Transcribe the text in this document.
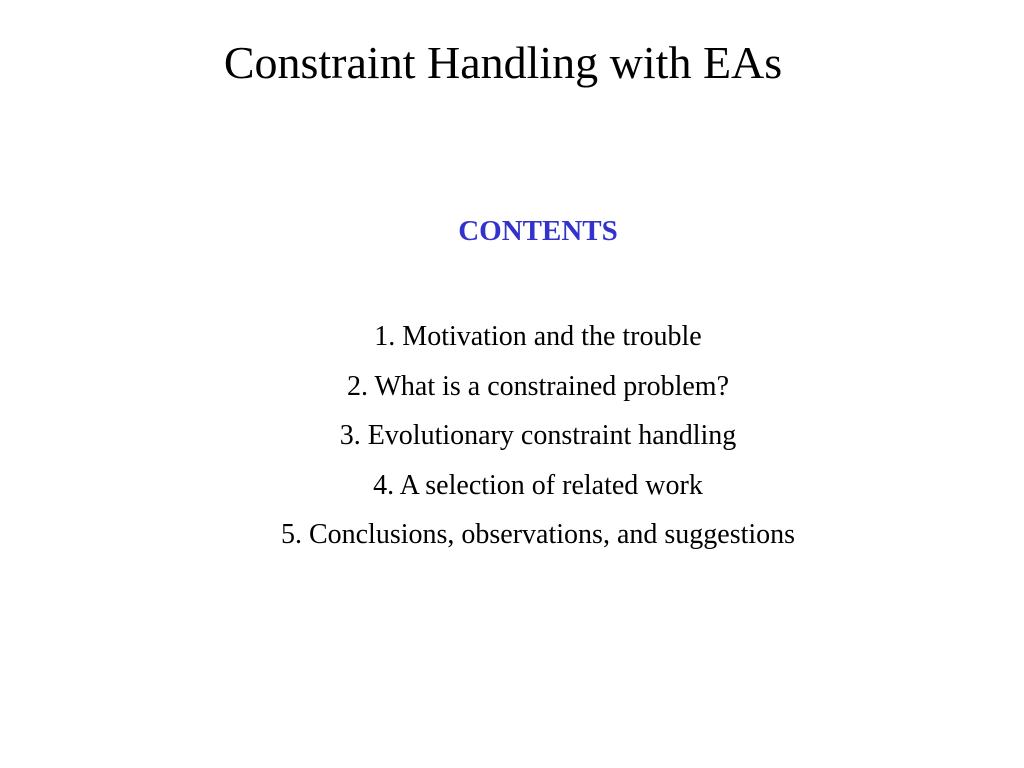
Constraint Handling with EAs
CONTENTS
1. Motivation and the trouble
2. What is a constrained problem?
3. Evolutionary constraint handling
4. A selection of related work
5. Conclusions, observations, and suggestions
